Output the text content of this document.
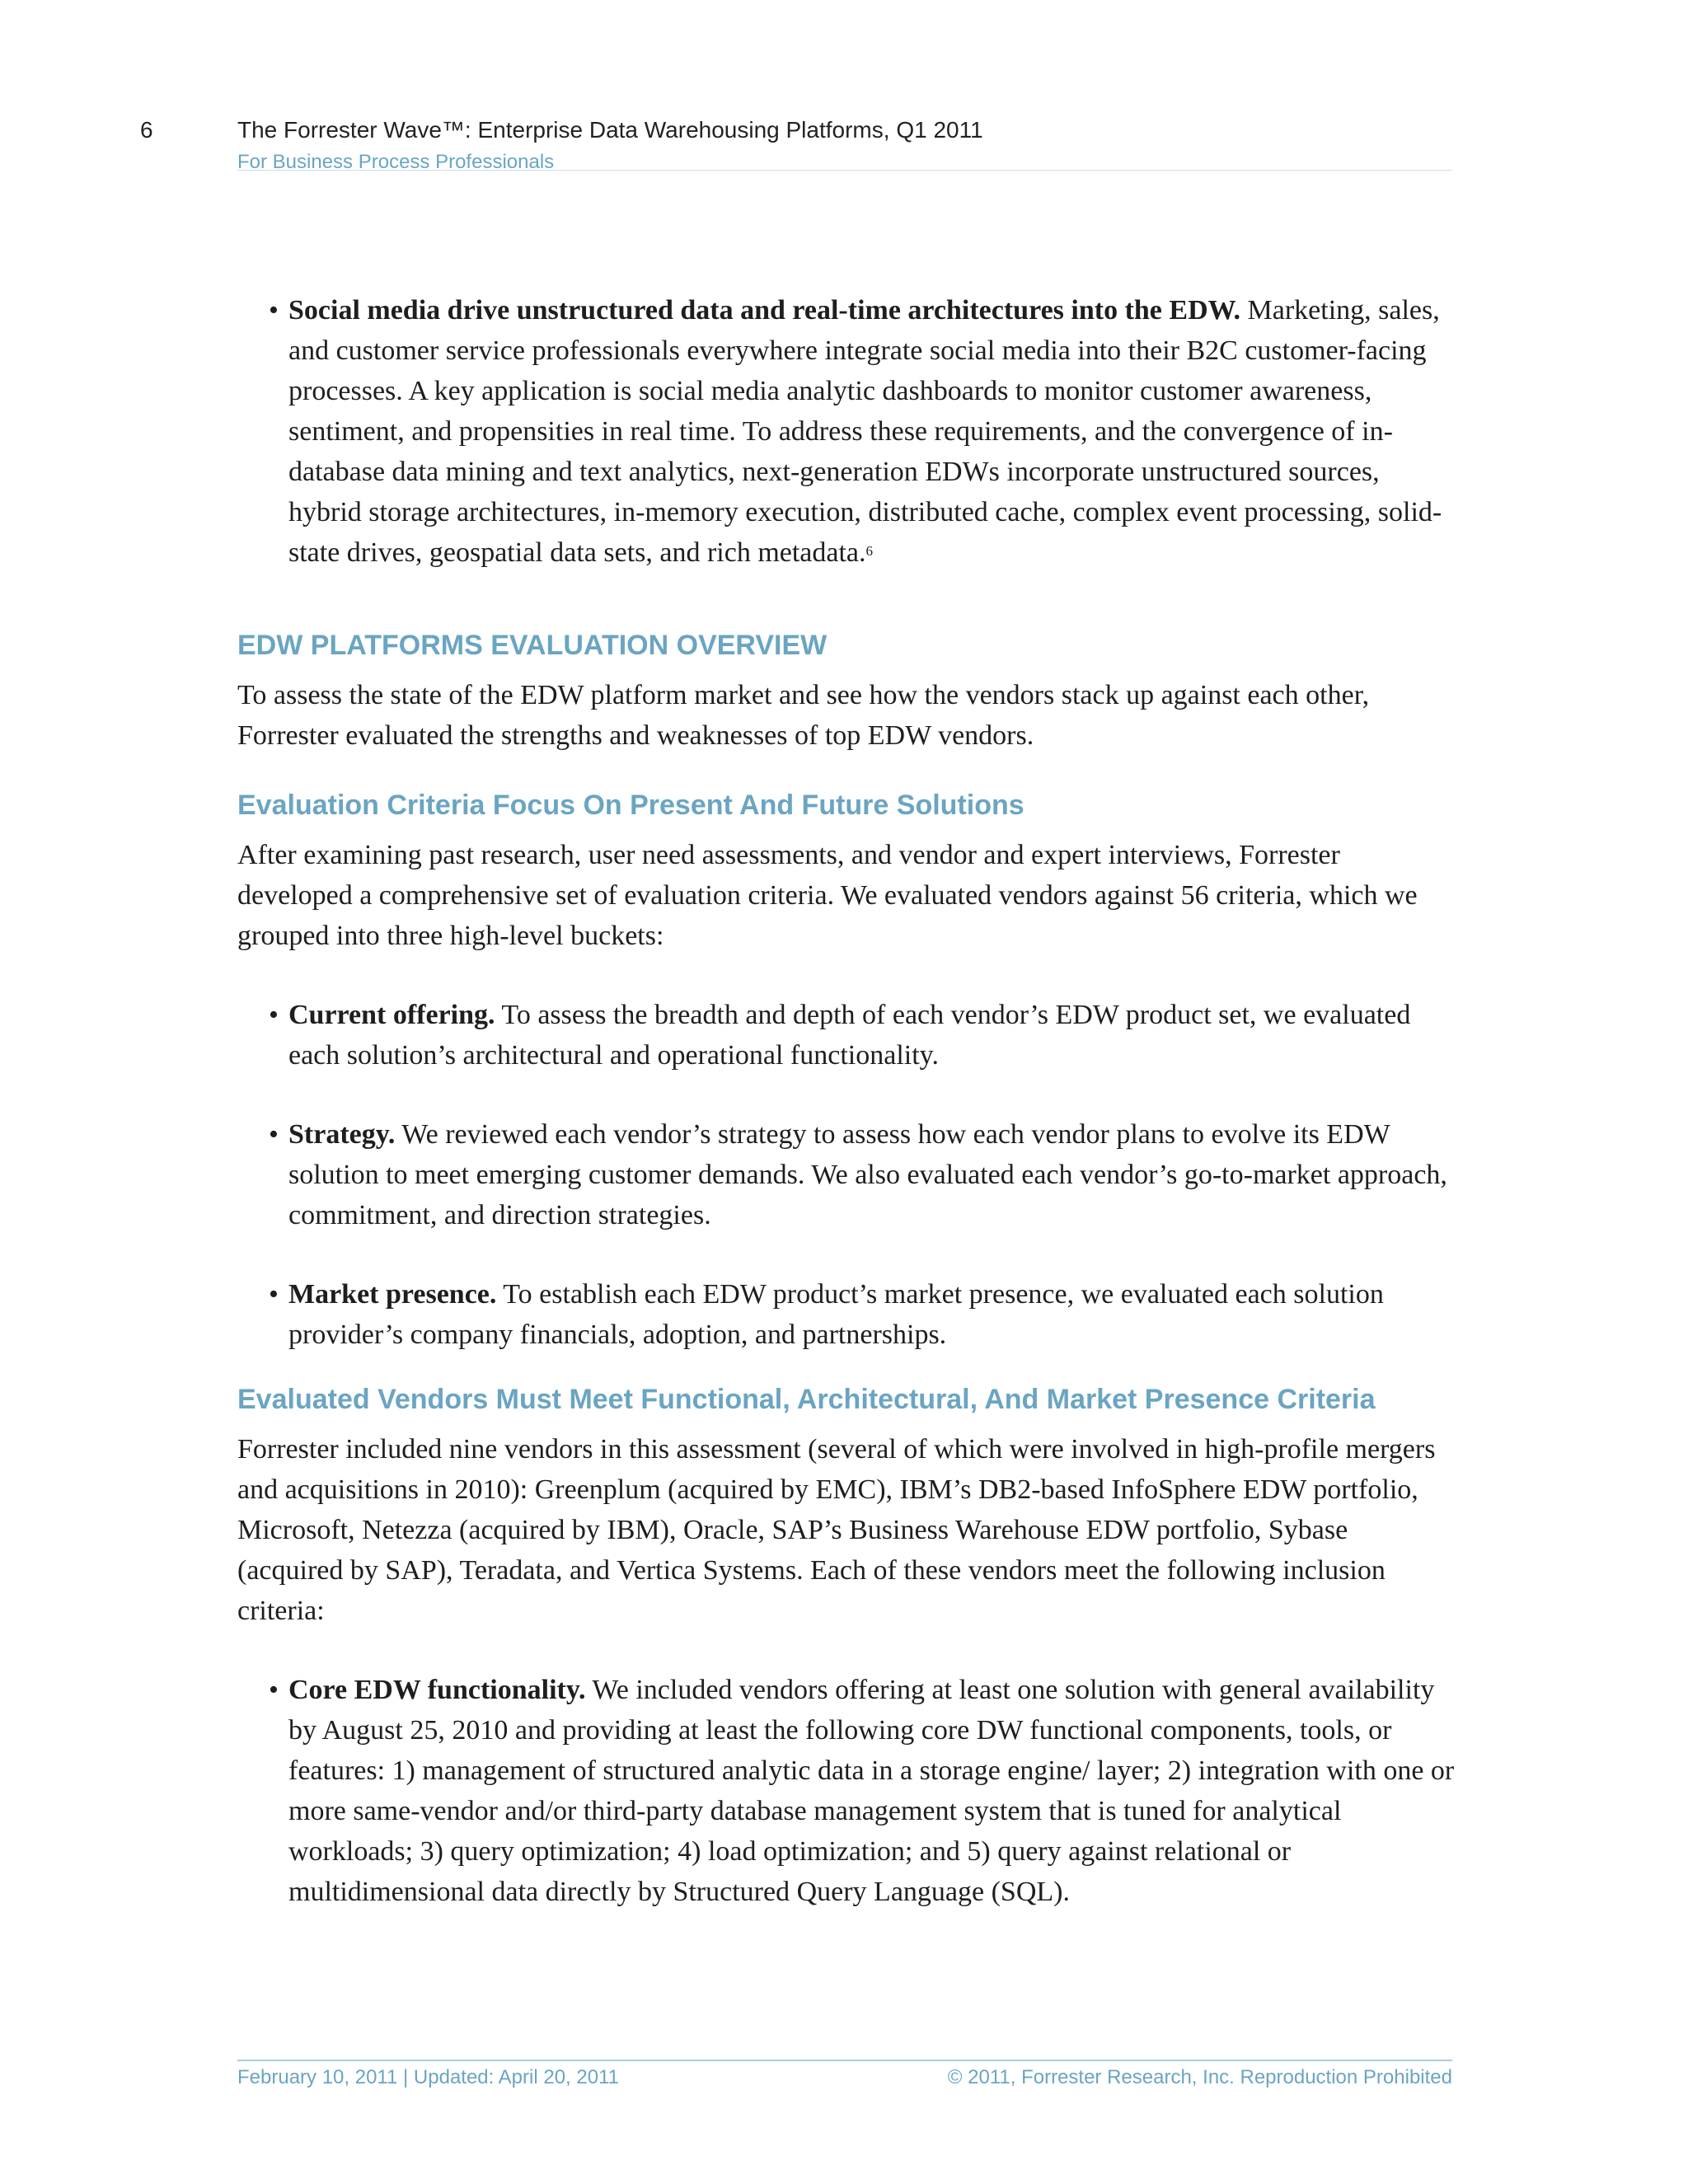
6	The Forrester Wave™: Enterprise Data Warehousing Platforms, Q1 2011

For Business Process Professionals

• Social media drive unstructured data and real-time architectures into the EDW. Marketing, sales, and customer service professionals everywhere integrate social media into their B2C customer-facing processes. A key application is social media analytic dashboards to monitor customer awareness, sentiment, and propensities in real time. To address these requirements, and the convergence of in-database data mining and text analytics, next-generation EDWs incorporate unstructured sources, hybrid storage architectures, in-memory execution, distributed cache, complex event processing, solid-state drives, geospatial data sets, and rich metadata.$^6$
EDW PLATFORMS EVALUATION OVERVIEW

To assess the state of the EDW platform market and see how the vendors stack up against each other, Forrester evaluated the strengths and weaknesses of top EDW vendors.

Evaluation Criteria Focus On Present And Future Solutions

After examining past research, user need assessments, and vendor and expert interviews, Forrester developed a comprehensive set of evaluation criteria. We evaluated vendors against 56 criteria, which we grouped into three high-level buckets:

• Current offering. To assess the breadth and depth of each vendor’s EDW product set, we evaluated each solution’s architectural and operational functionality.
• Strategy. We reviewed each vendor’s strategy to assess how each vendor plans to evolve its EDW solution to meet emerging customer demands. We also evaluated each vendor’s go-to-market approach, commitment, and direction strategies.
• Market presence. To establish each EDW product’s market presence, we evaluated each solution provider’s company financials, adoption, and partnerships.
Evaluated Vendors Must Meet Functional, Architectural, And Market Presence Criteria

Forrester included nine vendors in this assessment (several of which were involved in high-profile mergers and acquisitions in 2010): Greenplum (acquired by EMC), IBM’s DB2-based InfoSphere EDW portfolio, Microsoft, Netezza (acquired by IBM), Oracle, SAP’s Business Warehouse EDW portfolio, Sybase (acquired by SAP), Teradata, and Vertica Systems. Each of these vendors meet the following inclusion criteria:

• Core EDW functionality. We included vendors offering at least one solution with general availability by August 25, 2010 and providing at least the following core DW functional components, tools, or features: 1) management of structured analytic data in a storage engine/ layer; 2) integration with one or more same-vendor and/or third-party database management system that is tuned for analytical workloads; 3) query optimization; 4) load optimization; and 5) query against relational or multidimensional data directly by Structured Query Language (SQL).

February 10, 2011 | Updated: April 20, 2011	© 2011, Forrester Research, Inc. Reproduction Prohibited
